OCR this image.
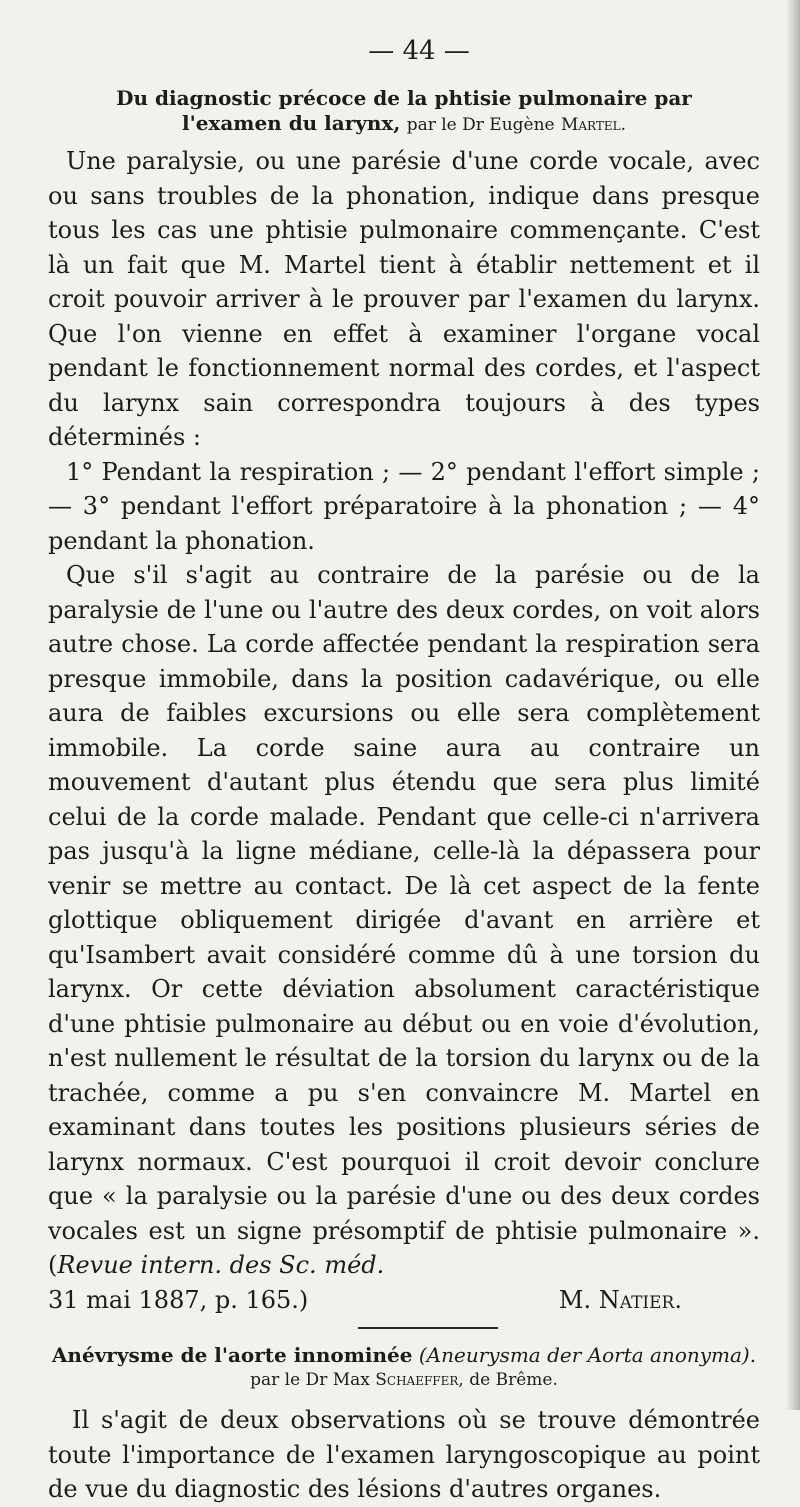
— 44 —
Du diagnostic précoce de la phtisie pulmonaire par
l'examen du larynx, par le Dr Eugène Martel.

Une paralysie, ou une parésie d'une corde vocale, avec ou sans troubles de la phonation, indique dans presque tous les cas une phtisie pulmonaire commençante. C'est là un fait que M. Martel tient à établir nettement et il croit pouvoir arriver à le prouver par l'examen du larynx. Que l'on vienne en effet à examiner l'organe vocal pendant le fonctionnement normal des cordes, et l'aspect du larynx sain correspondra toujours à des types déterminés :

1° Pendant la respiration ; — 2° pendant l'effort simple ; — 3° pendant l'effort préparatoire à la phonation ; — 4° pendant la phonation.

Que s'il s'agit au contraire de la parésie ou de la paralysie de l'une ou l'autre des deux cordes, on voit alors autre chose. La corde affectée pendant la respiration sera presque immobile, dans la position cadavérique, ou elle aura de faibles excursions ou elle sera complètement immobile. La corde saine aura au contraire un mouvement d'autant plus étendu que sera plus limité celui de la corde malade. Pendant que celle-ci n'arrivera pas jusqu'à la ligne médiane, celle-là la dépassera pour venir se mettre au contact. De là cet aspect de la fente glottique obliquement dirigée d'avant en arrière et qu'Isambert avait considéré comme dû à une torsion du larynx. Or cette déviation absolument caractéristique d'une phtisie pulmonaire au début ou en voie d'évolution, n'est nullement le résultat de la torsion du larynx ou de la trachée, comme a pu s'en convaincre M. Martel en examinant dans toutes les positions plusieurs séries de larynx normaux. C'est pourquoi il croit devoir conclure que « la paralysie ou la parésie d'une ou des deux cordes vocales est un signe présomptif de phtisie pulmonaire ». (Revue intern. des Sc. méd.

31 mai 1887, p. 165.)	M. Natier.
Anévrysme de l'aorte innominée (Aneurysma der Aorta anonyma).
par le Dr Max Schaeffer, de Brême.

Il s'agit de deux observations où se trouve démontrée toute l'importance de l'examen laryngoscopique au point de vue du diagnostic des lésions d'autres organes.
